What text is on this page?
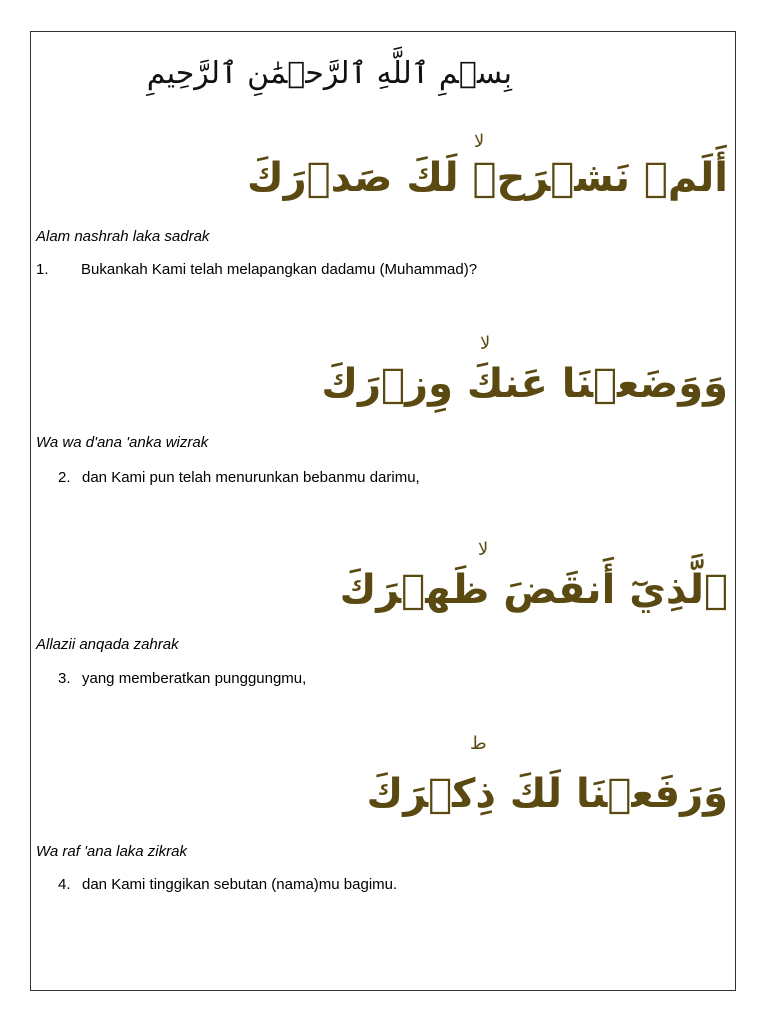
بِسۡمِ ٱللَّهِ ٱلرَّحۡمَٰنِ ٱلرَّحِيمِ
أَلَمۡ نَشۡرَحۡ لَكَ صَدۡرَكَ
لا
Alam nashrah laka sadrak
1. Bukankah Kami telah melapangkan dadamu (Muhammad)?
وَوَضَعۡنَا عَنكَ وِزۡرَكَ
لا
Wa wa d'ana 'anka wizrak
2. dan Kami pun telah menurunkan bebanmu darimu,
ٱلَّذِيٓ أَنقَضَ ظَهۡرَكَ
لا
Allazii anqada zahrak
3. yang memberatkan punggungmu,
وَرَفَعۡنَا لَكَ ذِكۡرَكَ
ط
Wa raf 'ana laka zikrak
4. dan Kami tinggikan sebutan (nama)mu bagimu.
